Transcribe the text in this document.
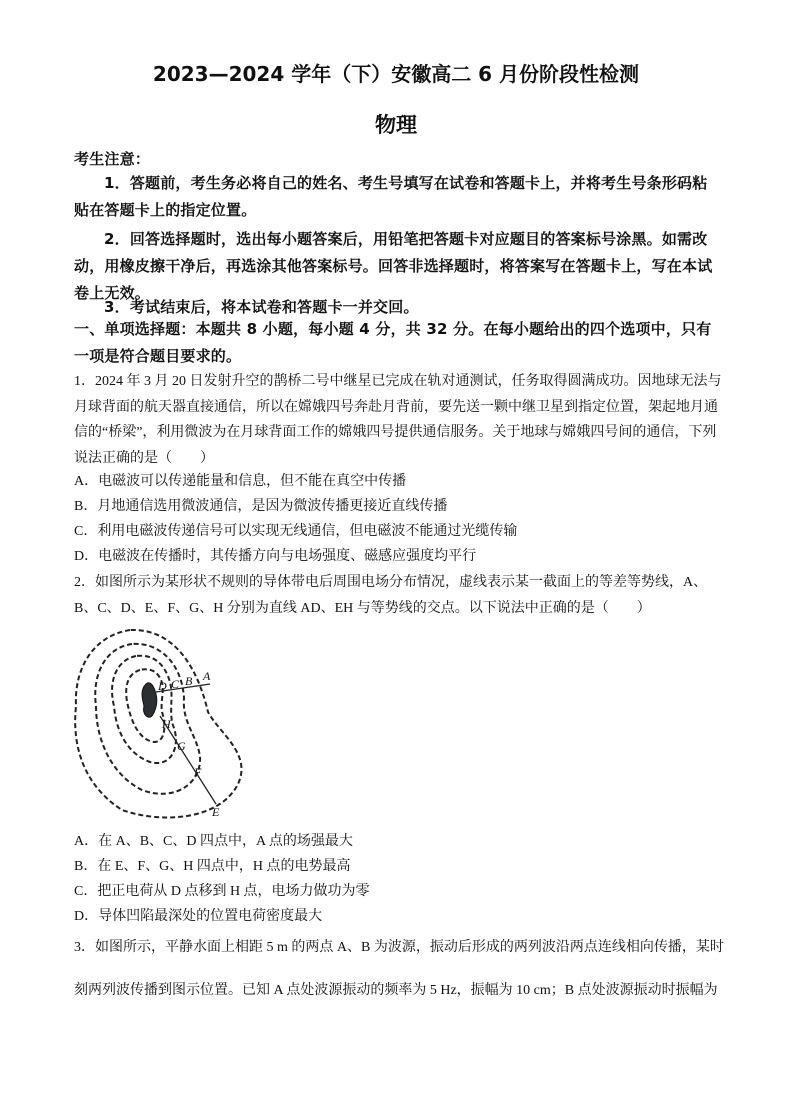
2023—2024 学年（下）安徽高二 6 月份阶段性检测
物理
考生注意：
1．答题前，考生务必将自己的姓名、考生号填写在试卷和答题卡上，并将考生号条形码粘贴在答题卡上的指定位置。
2．回答选择题时，选出每小题答案后，用铅笔把答题卡对应题目的答案标号涂黑。如需改动，用橡皮擦干净后，再选涂其他答案标号。回答非选择题时，将答案写在答题卡上，写在本试卷上无效。
3．考试结束后，将本试卷和答题卡一并交回。
一、单项选择题：本题共 8 小题，每小题 4 分，共 32 分。在每小题给出的四个选项中，只有一项是符合题目要求的。
1．2024 年 3 月 20 日发射升空的鹊桥二号中继星已完成在轨对通测试，任务取得圆满成功。因地球无法与月球背面的航天器直接通信，所以在嫦娥四号奔赴月背前，要先送一颗中继卫星到指定位置，架起地月通信的“桥梁”，利用微波为在月球背面工作的嫦娥四号提供通信服务。关于地球与嫦娥四号间的通信，下列说法正确的是（　　）
A．电磁波可以传递能量和信息，但不能在真空中传播
B．月地通信选用微波通信，是因为微波传播更接近直线传播
C．利用电磁波传递信号可以实现无线通信，但电磁波不能通过光缆传输
D．电磁波在传播时，其传播方向与电场强度、磁感应强度均平行
2．如图所示为某形状不规则的导体带电后周围电场分布情况，虚线表示某一截面上的等差等势线，A、B、C、D、E、F、G、H 分别为直线 AD、EH 与等势线的交点。以下说法中正确的是（　　）
D C B A
H
G
F
E
A．在 A、B、C、D 四点中，A 点的场强最大
B．在 E、F、G、H 四点中，H 点的电势最高
C．把正电荷从 D 点移到 H 点，电场力做功为零
D．导体凹陷最深处的位置电荷密度最大
3．如图所示，平静水面上相距 5 m 的两点 A、B 为波源，振动后形成的两列波沿两点连线相向传播，某时
刻两列波传播到图示位置。已知 A 点处波源振动的频率为 5 Hz，振幅为 10 cm；B 点处波源振动时振幅为
